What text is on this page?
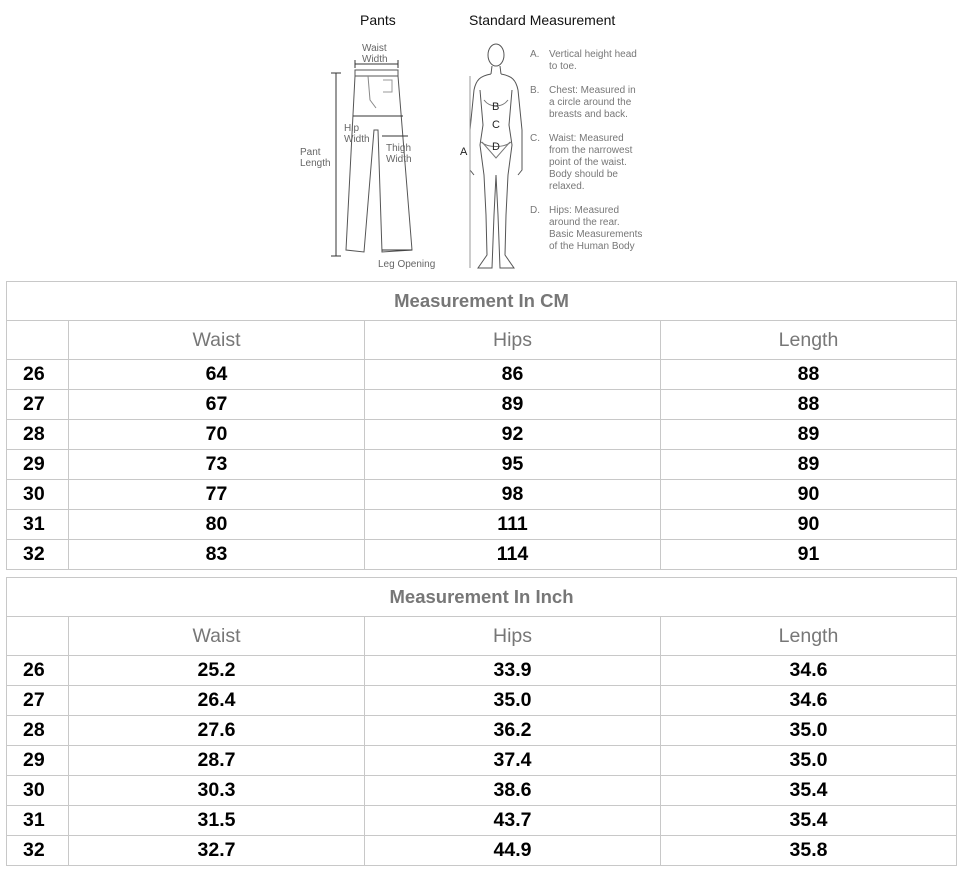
Pants	Standard Measurement
Waist
Width
Hip
Width
Pant
Length
Thigh
Width
Leg Opening
B
C
D
A
A. Vertical height head
to toe.
B. Chest: Measured in
a circle around the
breasts and back.
C. Waist: Measured
from the narrowest
point of the waist.
Body should be
relaxed.
D. Hips: Measured
around the rear.
Basic Measurements
of the Human Body
Measurement In CM			
	Waist	Hips	Length
26	64	86	88
27	67	89	88
28	70	92	89
29	73	95	89
30	77	98	90
31	80	111	90
32	83	114	91
Measurement In Inch			
	Waist	Hips	Length
26	25.2	33.9	34.6
27	26.4	35.0	34.6
28	27.6	36.2	35.0
29	28.7	37.4	35.0
30	30.3	38.6	35.4
31	31.5	43.7	35.4
32	32.7	44.9	35.8
